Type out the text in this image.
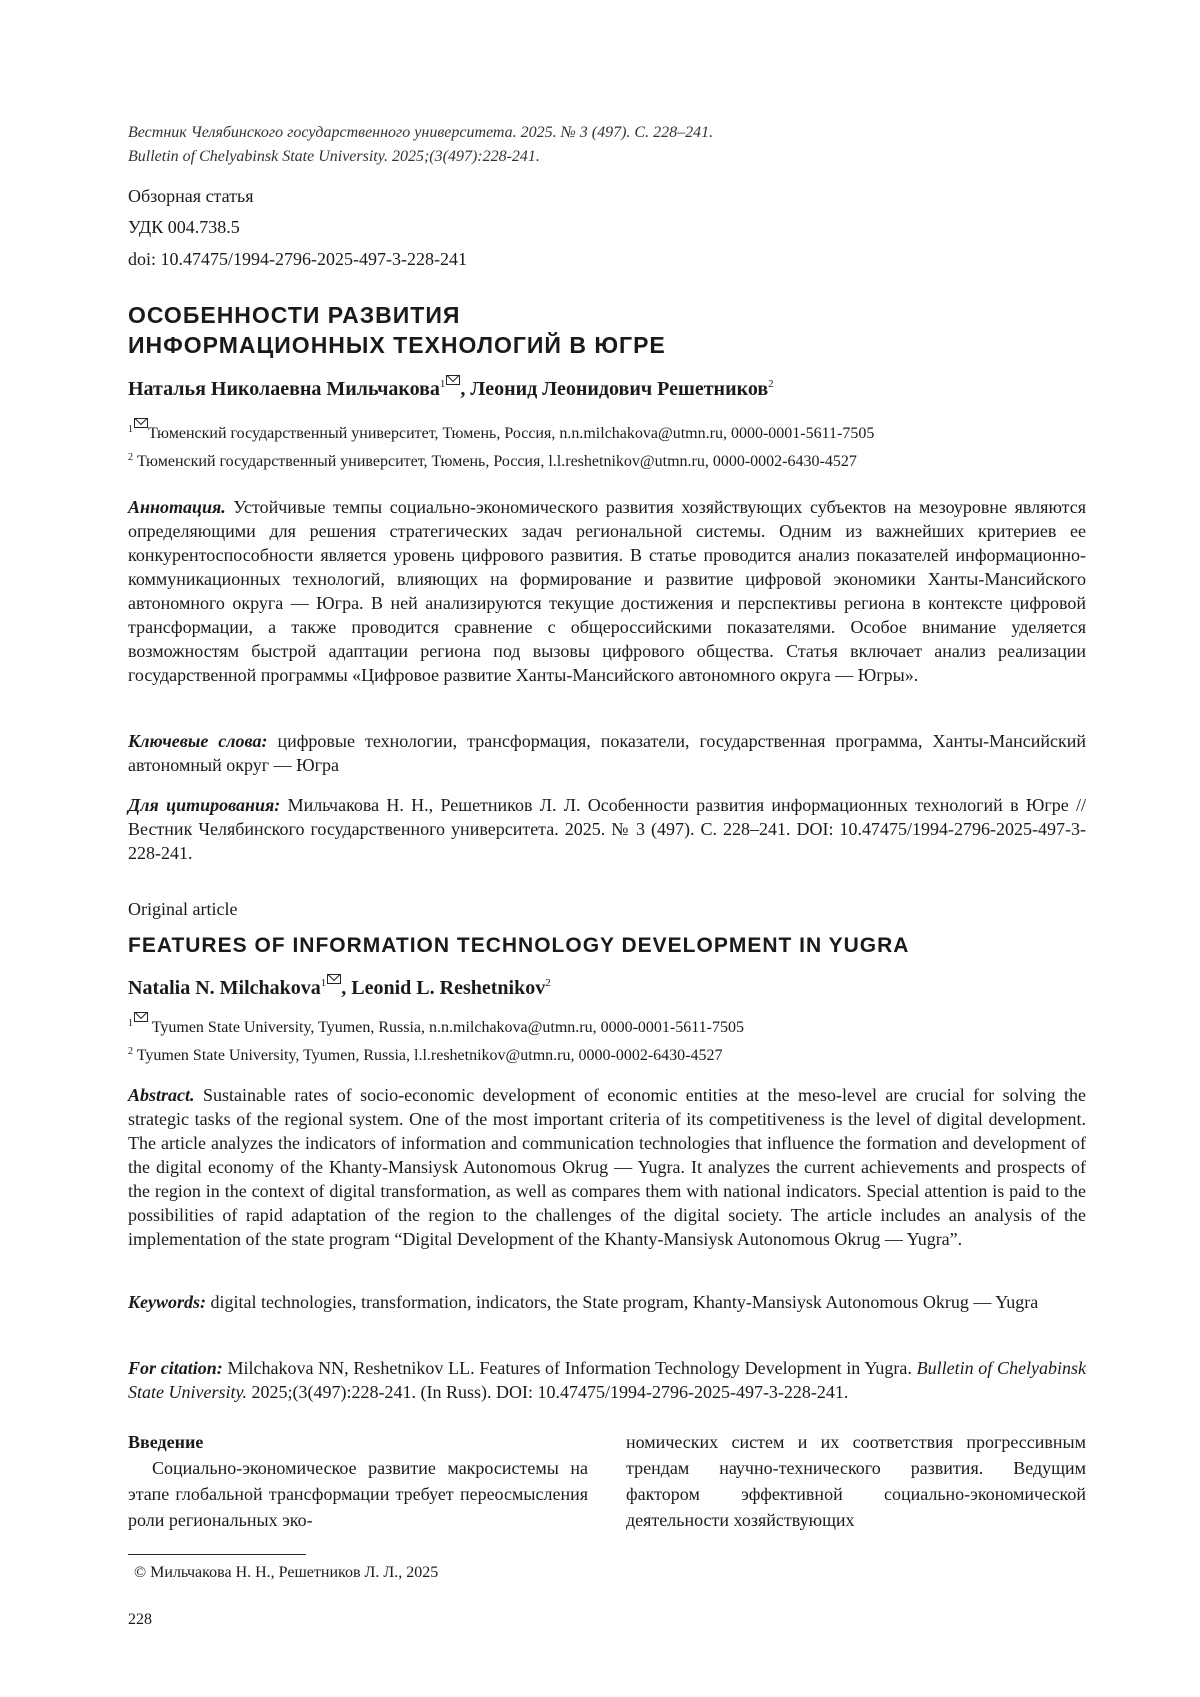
Вестник Челябинского государственного университета. 2025. № 3 (497). С. 228–241.
Bulletin of Chelyabinsk State University. 2025;(3(497):228-241.
Обзорная статья
УДК 004.738.5
doi: 10.47475/1994-2796-2025-497-3-228-241
ОСОБЕННОСТИ РАЗВИТИЯ
ИНФОРМАЦИОННЫХ ТЕХНОЛОГИЙ В ЮГРЕ
Наталья Николаевна Мильчакова$^1$ , Леонид Леонидович Решетников$^2$
$^1$ Тюменский государственный университет, Тюмень, Россия, n.n.milchakova@utmn.ru, 0000-0001-5611-7505
$^2$ Тюменский государственный университет, Тюмень, Россия, l.l.reshetnikov@utmn.ru, 0000-0002-6430-4527
Аннотация. Устойчивые темпы социально-экономического развития хозяйствующих субъектов на мезоуровне являются определяющими для решения стратегических задач региональной системы. Одним из важнейших критериев ее конкурентоспособности является уровень цифрового развития. В статье проводится анализ показателей информационно-коммуникационных технологий, влияющих на формирование и развитие цифровой экономики Ханты-Мансийского автономного округа — Югра. В ней анализируются текущие достижения и перспективы региона в контексте цифровой трансформации, а также проводится сравнение с общероссийскими показателями. Особое внимание уделяется возможностям быстрой адаптации региона под вызовы цифрового общества. Статья включает анализ реализации государственной программы «Цифровое развитие Ханты-Мансийского автономного округа — Югры».
Ключевые слова: цифровые технологии, трансформация, показатели, государственная программа, Ханты-Мансийский автономный округ — Югра
Для цитирования: Мильчакова Н. Н., Решетников Л. Л. Особенности развития информационных технологий в Югре // Вестник Челябинского государственного университета. 2025. № 3 (497). С. 228–241. DOI: 10.47475/1994-2796-2025-497-3-228-241.
Original article
FEATURES OF INFORMATION TECHNOLOGY DEVELOPMENT IN YUGRA
Natalia N. Milchakova$^1$ , Leonid L. Reshetnikov$^2$
$^1$ Tyumen State University, Tyumen, Russia, n.n.milchakova@utmn.ru, 0000-0001-5611-7505
$^2$ Tyumen State University, Tyumen, Russia, l.l.reshetnikov@utmn.ru, 0000-0002-6430-4527
Abstract. Sustainable rates of socio-economic development of economic entities at the meso-level are crucial for solving the strategic tasks of the regional system. One of the most important criteria of its competitiveness is the level of digital development. The article analyzes the indicators of information and communication technologies that influence the formation and development of the digital economy of the Khanty-Mansiysk Autonomous Okrug — Yugra. It analyzes the current achievements and prospects of the region in the context of digital transformation, as well as compares them with national indicators. Special attention is paid to the possibilities of rapid adaptation of the region to the challenges of the digital society. The article includes an analysis of the implementation of the state program “Digital Development of the Khanty-Mansiysk Autonomous Okrug — Yugra”.
Keywords: digital technologies, transformation, indicators, the State program, Khanty-Mansiysk Autonomous Okrug — Yugra
For citation: Milchakova NN, Reshetnikov LL. Features of Information Technology Development in Yugra. Bulletin of Chelyabinsk State University. 2025;(3(497):228-241. (In Russ). DOI: 10.47475/1994-2796-2025-497-3-228-241.
Введение
Социально-экономическое развитие макросистемы на этапе глобальной трансформации требует переосмысления роли региональных эко-
номических систем и их соответствия прогрессивным трендам научно-технического развития. Ведущим фактором эффективной социально-экономической деятельности хозяйствующих
© Мильчакова Н. Н., Решетников Л. Л., 2025
228
